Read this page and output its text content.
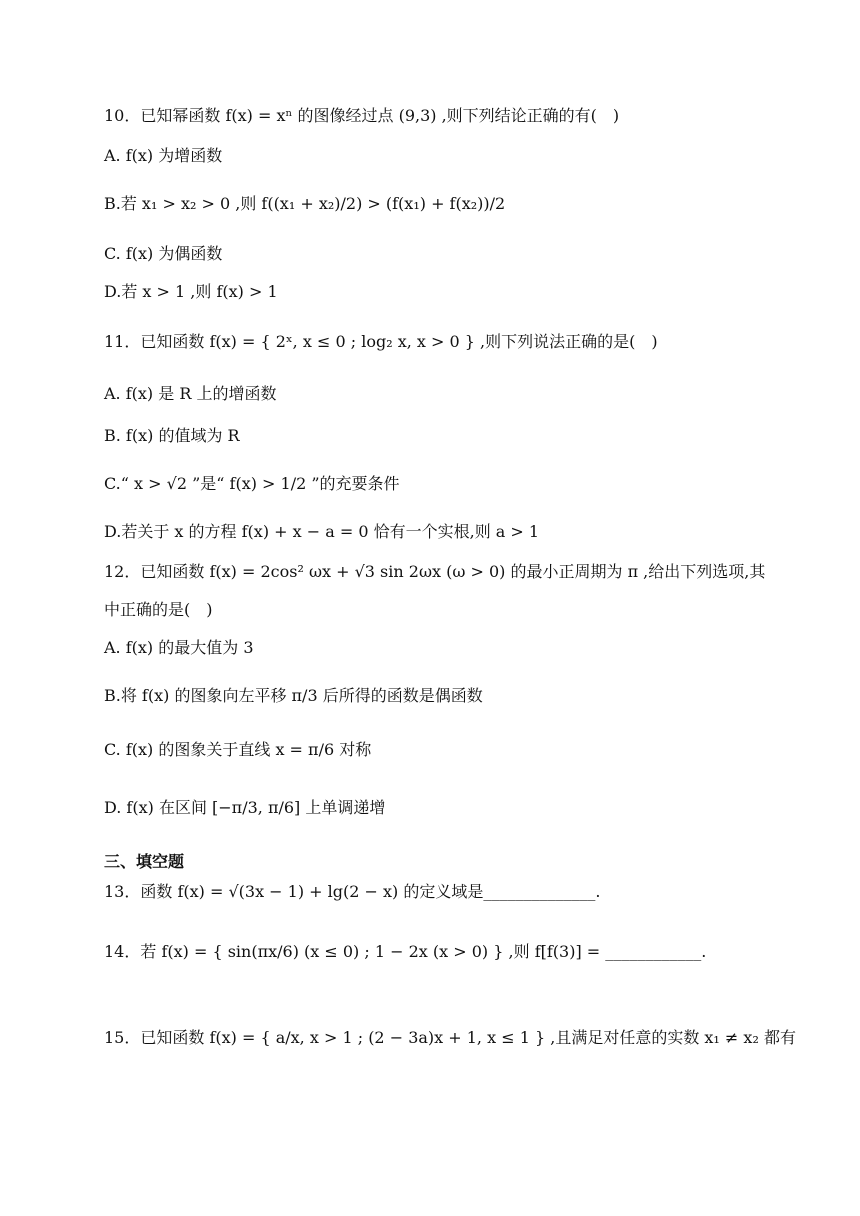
10．已知幂函数 f(x) = xⁿ 的图像经过点 (9,3) ,则下列结论正确的有(　)
A. f(x) 为增函数
B.若 x₁ > x₂ > 0 ,则 f((x₁ + x₂)/2) > (f(x₁) + f(x₂))/2
C. f(x) 为偶函数
D.若 x > 1 ,则 f(x) > 1
11．已知函数 f(x) = { 2ˣ, x ≤ 0 ; log₂ x, x > 0 } ,则下列说法正确的是(　)
A. f(x) 是 R 上的增函数
B. f(x) 的值域为 R
C.“ x > √2 ”是“ f(x) > 1/2 ”的充要条件
D.若关于 x 的方程 f(x) + x − a = 0 恰有一个实根,则 a > 1
12．已知函数 f(x) = 2cos² ωx + √3 sin 2ωx (ω > 0) 的最小正周期为 π ,给出下列选项,其
中正确的是(　)
A. f(x) 的最大值为 3
B.将 f(x) 的图象向左平移 π/3 后所得的函数是偶函数
C. f(x) 的图象关于直线 x = π/6 对称
D. f(x) 在区间 [−π/3, π/6] 上单调递增
三、填空题
13．函数 f(x) = √(3x − 1) + lg(2 − x) 的定义域是______________.
14．若 f(x) = { sin(πx/6) (x ≤ 0) ; 1 − 2x (x > 0) } ,则 f[f(3)] = ____________.
15．已知函数 f(x) = { a/x, x > 1 ; (2 − 3a)x + 1, x ≤ 1 } ,且满足对任意的实数 x₁ ≠ x₂ 都有
